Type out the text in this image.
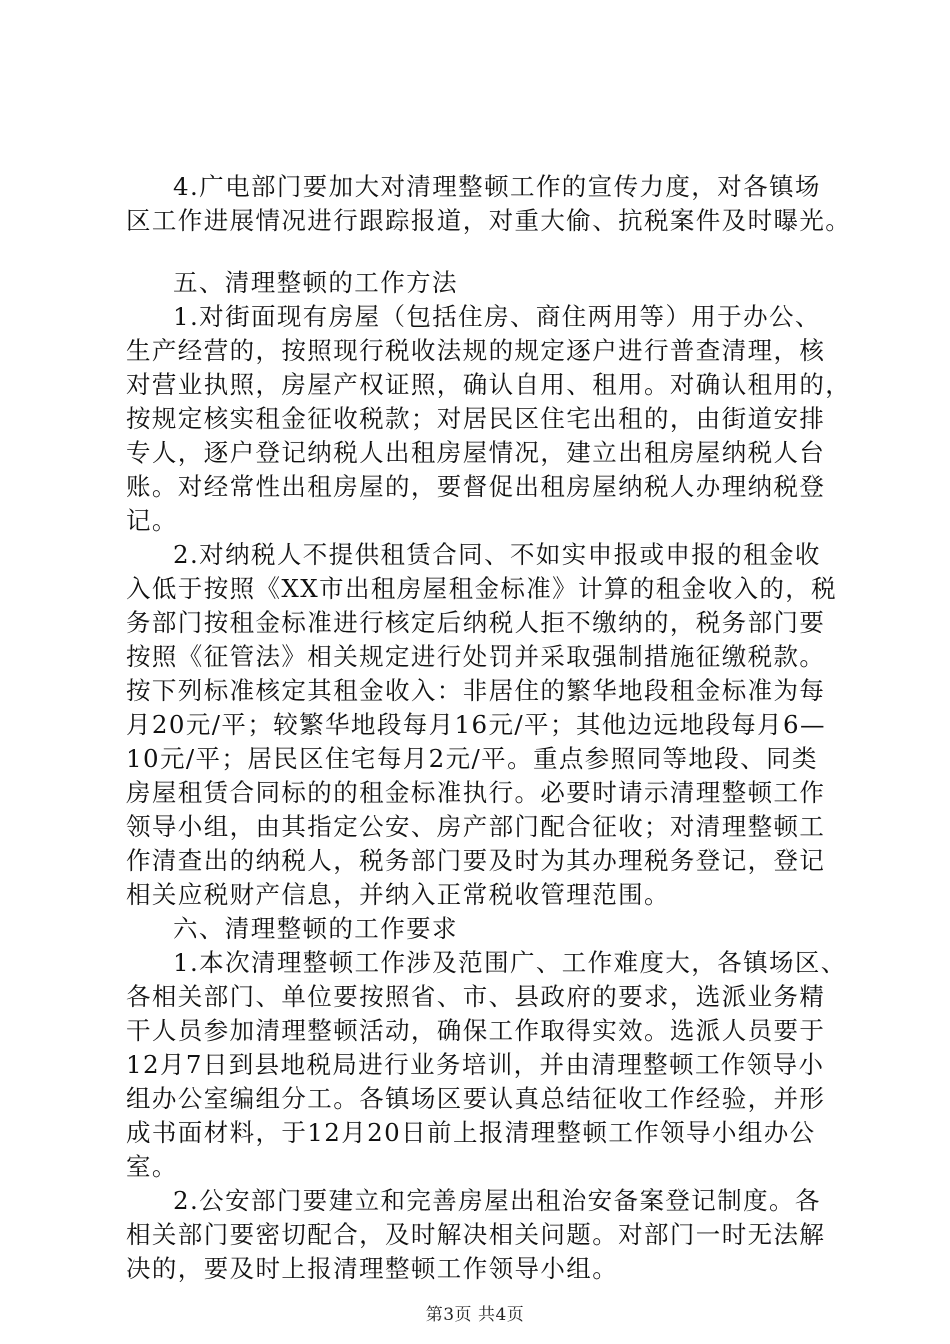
4.广电部门要加大对清理整顿工作的宣传力度，对各镇场
区工作进展情况进行跟踪报道，对重大偷、抗税案件及时曝光。
五、清理整顿的工作方法
1.对街面现有房屋（包括住房、商住两用等）用于办公、
生产经营的，按照现行税收法规的规定逐户进行普查清理，核
对营业执照，房屋产权证照，确认自用、租用。对确认租用的，
按规定核实租金征收税款；对居民区住宅出租的，由街道安排
专人，逐户登记纳税人出租房屋情况，建立出租房屋纳税人台
账。对经常性出租房屋的，要督促出租房屋纳税人办理纳税登
记。
2.对纳税人不提供租赁合同、不如实申报或申报的租金收
入低于按照《XX市出租房屋租金标准》计算的租金收入的，税
务部门按租金标准进行核定后纳税人拒不缴纳的，税务部门要
按照《征管法》相关规定进行处罚并采取强制措施征缴税款。
按下列标准核定其租金收入：非居住的繁华地段租金标准为每
月20元/平；较繁华地段每月16元/平；其他边远地段每月6—
10元/平；居民区住宅每月2元/平。重点参照同等地段、同类
房屋租赁合同标的的租金标准执行。必要时请示清理整顿工作
领导小组，由其指定公安、房产部门配合征收；对清理整顿工
作清查出的纳税人，税务部门要及时为其办理税务登记，登记
相关应税财产信息，并纳入正常税收管理范围。
六、清理整顿的工作要求
1.本次清理整顿工作涉及范围广、工作难度大，各镇场区、
各相关部门、单位要按照省、市、县政府的要求，选派业务精
干人员参加清理整顿活动，确保工作取得实效。选派人员要于
12月7日到县地税局进行业务培训，并由清理整顿工作领导小
组办公室编组分工。各镇场区要认真总结征收工作经验，并形
成书面材料，于12月20日前上报清理整顿工作领导小组办公
室。
2.公安部门要建立和完善房屋出租治安备案登记制度。各
相关部门要密切配合，及时解决相关问题。对部门一时无法解
决的，要及时上报清理整顿工作领导小组。
第3页 共4页
